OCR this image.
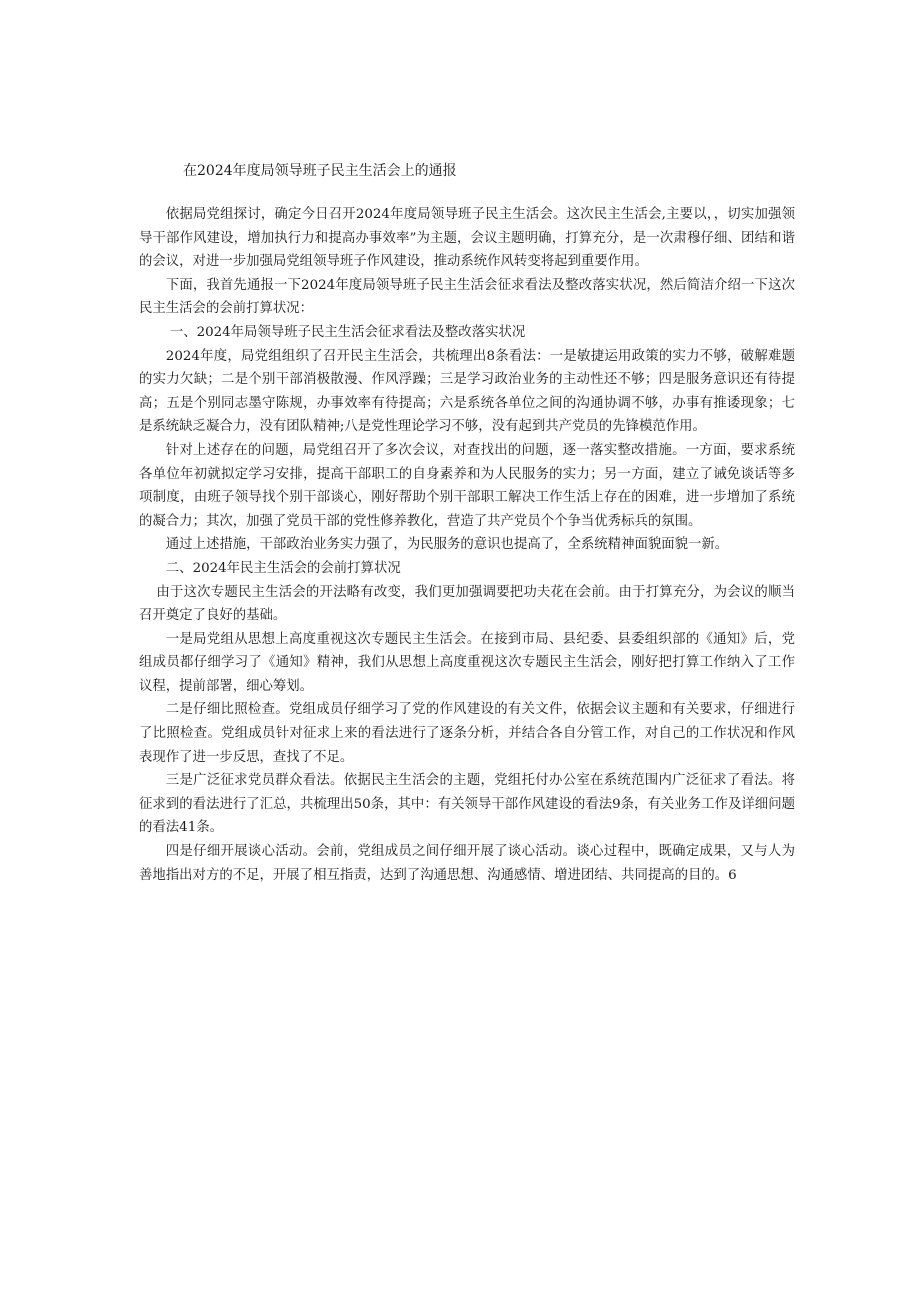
在2024年度局领导班子民主生活会上的通报

依据局党组探讨，确定今日召开2024年度局领导班子民主生活会。这次民主生活会,主要以，，切实加强领导干部作风建设，增加执行力和提高办事效率”为主题，会议主题明确，打算充分，是一次肃穆仔细、团结和谐的会议，对进一步加强局党组领导班子作风建设，推动系统作风转变将起到重要作用。

下面，我首先通报一下2024年度局领导班子民主生活会征求看法及整改落实状况，然后简洁介绍一下这次民主生活会的会前打算状况：

一、2024年局领导班子民主生活会征求看法及整改落实状况

2024年度，局党组组织了召开民主生活会，共梳理出8条看法：一是敏捷运用政策的实力不够，破解难题的实力欠缺；二是个别干部消极散漫、作风浮躁；三是学习政治业务的主动性还不够；四是服务意识还有待提高；五是个别同志墨守陈规，办事效率有待提高；六是系统各单位之间的沟通协调不够，办事有推诿现象；七是系统缺乏凝合力，没有团队精神;八是党性理论学习不够，没有起到共产党员的先锋模范作用。

针对上述存在的问题，局党组召开了多次会议，对查找出的问题，逐一落实整改措施。一方面，要求系统各单位年初就拟定学习安排，提高干部职工的自身素养和为人民服务的实力；另一方面，建立了诫免谈话等多项制度，由班子领导找个别干部谈心，刚好帮助个别干部职工解决工作生活上存在的困难，进一步增加了系统的凝合力；其次，加强了党员干部的党性修养教化，营造了共产党员个个争当优秀标兵的氛围。

通过上述措施，干部政治业务实力强了，为民服务的意识也提高了，全系统精神面貌面貌一新。

二、2024年民主生活会的会前打算状况

由于这次专题民主生活会的开法略有改变，我们更加强调要把功夫花在会前。由于打算充分，为会议的顺当召开奠定了良好的基础。

一是局党组从思想上高度重视这次专题民主生活会。在接到市局、县纪委、县委组织部的《通知》后，党组成员都仔细学习了《通知》精神，我们从思想上高度重视这次专题民主生活会，刚好把打算工作纳入了工作议程，提前部署，细心筹划。

二是仔细比照检查。党组成员仔细学习了党的作风建设的有关文件，依据会议主题和有关要求，仔细进行了比照检查。党组成员针对征求上来的看法进行了逐条分析，并结合各自分管工作，对自己的工作状况和作风表现作了进一步反思，查找了不足。

三是广泛征求党员群众看法。依据民主生活会的主题，党组托付办公室在系统范围内广泛征求了看法。将征求到的看法进行了汇总，共梳理出50条，其中：有关领导干部作风建设的看法9条，有关业务工作及详细问题的看法41条。

四是仔细开展谈心活动。会前，党组成员之间仔细开展了谈心活动。谈心过程中，既确定成果，又与人为善地指出对方的不足，开展了相互指责，达到了沟通思想、沟通感情、增进团结、共同提高的目的。6
